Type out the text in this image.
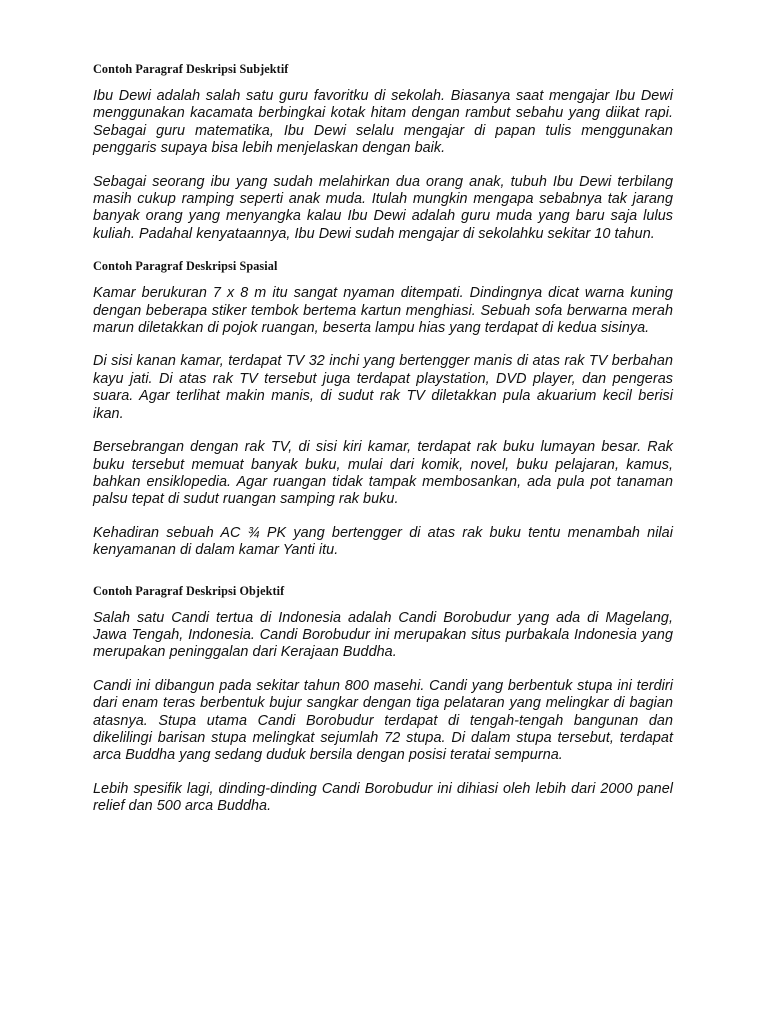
Contoh Paragraf Deskripsi Subjektif

Ibu Dewi adalah salah satu guru favoritku di sekolah. Biasanya saat mengajar Ibu Dewi menggunakan kacamata berbingkai kotak hitam dengan rambut sebahu yang diikat rapi. Sebagai guru matematika, Ibu Dewi selalu mengajar di papan tulis menggunakan penggaris supaya bisa lebih menjelaskan dengan baik.

Sebagai seorang ibu yang sudah melahirkan dua orang anak, tubuh Ibu Dewi terbilang masih cukup ramping seperti anak muda. Itulah mungkin mengapa sebabnya tak jarang banyak orang yang menyangka kalau Ibu Dewi adalah guru muda yang baru saja lulus kuliah. Padahal kenyataannya, Ibu Dewi sudah mengajar di sekolahku sekitar 10 tahun.

Contoh Paragraf Deskripsi Spasial

Kamar berukuran 7 x 8 m itu sangat nyaman ditempati. Dindingnya dicat warna kuning dengan beberapa stiker tembok bertema kartun menghiasi. Sebuah sofa berwarna merah marun diletakkan di pojok ruangan, beserta lampu hias yang terdapat di kedua sisinya.

Di sisi kanan kamar, terdapat TV 32 inchi yang bertengger manis di atas rak TV berbahan kayu jati. Di atas rak TV tersebut juga terdapat playstation, DVD player, dan pengeras suara. Agar terlihat makin manis, di sudut rak TV diletakkan pula akuarium kecil berisi ikan.

Bersebrangan dengan rak TV, di sisi kiri kamar, terdapat rak buku lumayan besar. Rak buku tersebut memuat banyak buku, mulai dari komik, novel, buku pelajaran, kamus, bahkan ensiklopedia. Agar ruangan tidak tampak membosankan, ada pula pot tanaman palsu tepat di sudut ruangan samping rak buku.

Kehadiran sebuah AC ¾ PK yang bertengger di atas rak buku tentu menambah nilai kenyamanan di dalam kamar Yanti itu.

Contoh Paragraf Deskripsi Objektif

Salah satu Candi tertua di Indonesia adalah Candi Borobudur yang ada di Magelang, Jawa Tengah, Indonesia. Candi Borobudur ini merupakan situs purbakala Indonesia yang merupakan peninggalan dari Kerajaan Buddha.

Candi ini dibangun pada sekitar tahun 800 masehi. Candi yang berbentuk stupa ini terdiri dari enam teras berbentuk bujur sangkar dengan tiga pelataran yang melingkar di bagian atasnya. Stupa utama Candi Borobudur terdapat di tengah-tengah bangunan dan dikelilingi barisan stupa melingkat sejumlah 72 stupa. Di dalam stupa tersebut, terdapat arca Buddha yang sedang duduk bersila dengan posisi teratai sempurna.

Lebih spesifik lagi, dinding-dinding Candi Borobudur ini dihiasi oleh lebih dari 2000 panel relief dan 500 arca Buddha.
